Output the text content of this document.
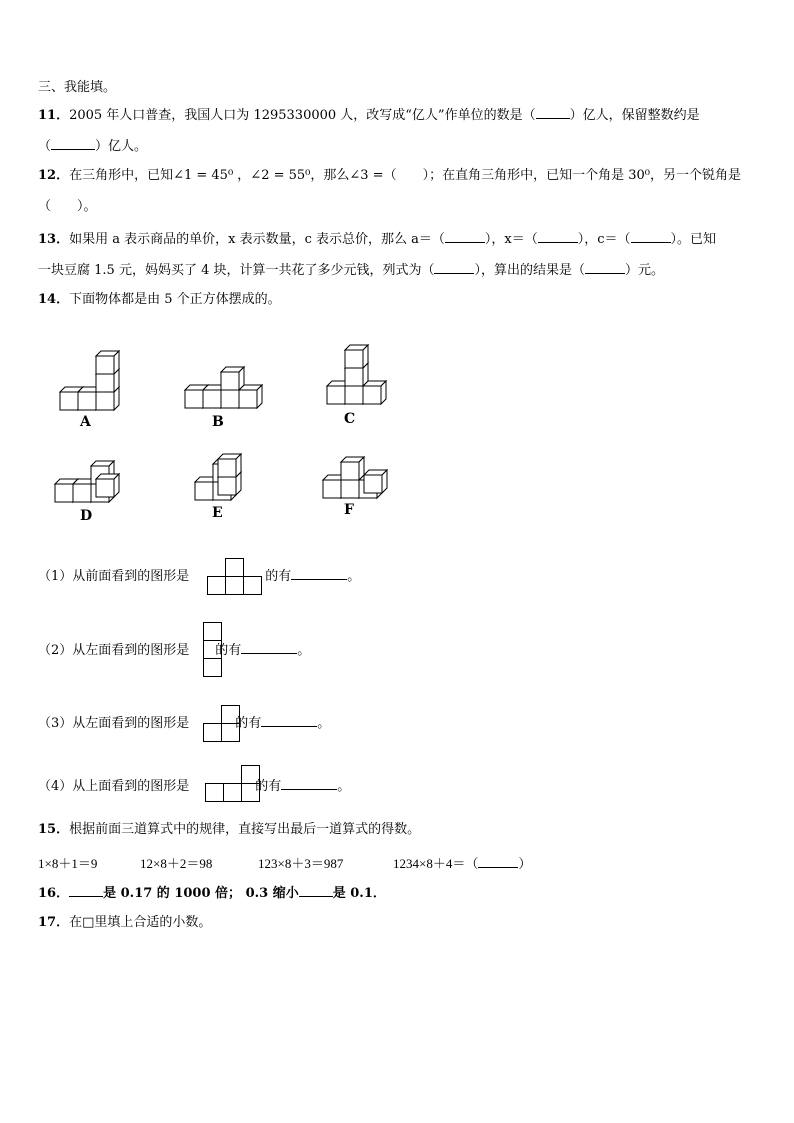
三、我能填。
11．2005 年人口普查，我国人口为 1295330000 人，改写成“亿人”作单位的数是（	）亿人，保留整数约是
（	）亿人。
12．在三角形中，已知∠1 = 45⁰ ，∠2 = 55⁰，那么∠3 =（　　）；在直角三角形中，已知一个角是 30⁰，另一个锐角是
（　　）。
13．如果用 a 表示商品的单价，x 表示数量，c 表示总价，那么 a＝（	），x＝（	），c＝（	）。已知
一块豆腐 1.5 元，妈妈买了 4 块，计算一共花了多少元钱，列式为（	），算出的结果是（	）元。
14．下面物体都是由 5 个正方体摆成的。
A	B	C
D	E	F
（1）从前面看到的图形是	的有	。
（2）从左面看到的图形是 的有	。
（3）从左面看到的图形是	的有	。
（4）从上面看到的图形是	的有	。
15．根据前面三道算式中的规律，直接写出最后一道算式的得数。
1×8＋1＝9	12×8＋2＝98	123×8＋3＝987	1234×8＋4＝（	）
16．	是 0.17 的 1000 倍； 0.3 缩小	是 0.1．
17．在□里填上合适的小数。
